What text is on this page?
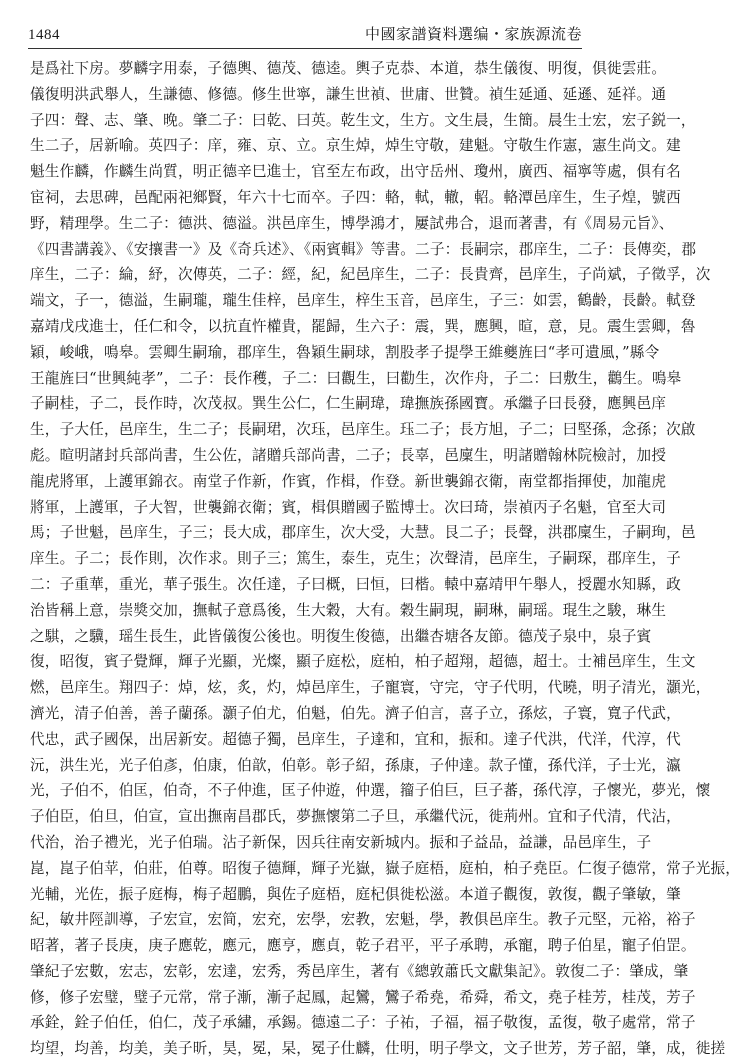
1484	中國家譜資料選编・家族源流卷
是爲社下房。夢麟字用泰，子德輿、德茂、德逵。輿子克恭、本道，恭生儀復、明復，俱徙雲莊。
儀復明洪武舉人，生謙德、修德。修生世寧，謙生世禎、世庸、世贊。禎生延通、延遜、延祥。通
子四：聲、志、肇、晚。肇二子：曰乾、曰英。乾生文，生方。文生晨，生簡。晨生士宏，宏子鋭一，
生二子，居新喻。英四子：庠，雍、京、立。京生焯，焯生守敬，建魁。守敬生作憲，憲生尚文。建
魁生作麟，作麟生尚質，明正德辛巳進士，官至左布政，出守岳州、瓊州，廣西、福寧等處，俱有名
宦祠，去思碑，邑配兩祀鄉賢，年六十七而卒。子四：輅，軾，轍，軺。輅潭邑庠生，生子煌，號西
野，精理學。生二子：德洪、德溢。洪邑庠生，博學鴻才，屢試弗合，退而著書，有《周易元旨》、
《四書講義》、《安攘書一》及《奇兵述》、《兩賓輯》等書。二子：長嗣宗，郡庠生，二子：長傳奕，郡
庠生，二子：綸，紓，次傳英，二子：經，紀，紀邑庠生，二子：長貴齊，邑庠生，子尚斌，子徵孚，次
端文，子一，德溢，生嗣瓏，瓏生佳梓，邑庠生，梓生玉音，邑庠生，子三：如雲，鶴齡，長齡。軾登
嘉靖戊戌進士，任仁和令，以抗直忤權貴，罷歸，生六子：震，巽，應興，暄，意，見。震生雲卿，魯
穎，峻峨，鳴皋。雲卿生嗣瑜，郡庠生，魯穎生嗣球，割股孝子提學王維夔旌曰“孝可遺風，”縣令
王龍旌曰“世興純孝”，二子：長作穫，子二：曰觀生，曰勸生，次作舟，子二：曰敷生，鸛生。鳴皋
子嗣桂，子二，長作時，次茂叔。巽生公仁，仁生嗣瑋，瑋撫族孫國寶。承繼子曰長發，應興邑庠
生，子大任，邑庠生，生二子；長嗣珺，次珏，邑庠生。珏二子；長方旭，子二；曰堅孫，念孫；次啟
彪。暄明諸封兵部尚書，生公佐，諸贈兵部尚書，二子；長辜，邑廩生，明諸贈翰林院檢討，加授
龍虎將軍，上護軍錦衣。南堂子作新，作賓，作楫，作登。新世襲錦衣衛，南堂都指揮使，加龍虎
將軍，上護軍，子大智，世襲錦衣衛；賓，楫俱贈國子監博士。次曰琦，崇禎丙子名魁，官至大司
馬；子世魁，邑庠生，子三；長大成，郡庠生，次大受，大慧。艮二子；長聲，洪郡廩生，子嗣珣，邑
庠生。子二；長作則，次作求。則子三；篤生，泰生，克生；次聲清，邑庠生，子嗣琛，郡庠生，子
二：子重華，重光，華子張生。次任達，子曰概，曰恒，曰楷。轅中嘉靖甲午舉人，授麗水知縣，政
治皆稱上意，崇獎交加，撫軾子意爲後，生大穀，大有。穀生嗣現，嗣琳，嗣瑶。琨生之駿，琳生
之騏，之驥，瑶生長生，此皆儀復公後也。明復生俊德，出繼杏塘各友節。德茂子泉中，泉子賓
復，昭復，賓子覺輝，輝子光顯，光燦，顯子庭松，庭柏，柏子超翔，超德，超士。士補邑庠生，生文
燃，邑庠生。翔四子：焯，炫，炙，灼，焯邑庠生，子寵寰，守完，守子代明，代曉，明子清光，灝光，
濟光，清子伯善，善子蘭孫。灝子伯尤，伯魁，伯先。濟子伯言，喜子立，孫炫，子寰，寬子代武，
代忠，武子國保，出居新安。超德子獨，邑庠生，子達和，宜和，振和。達子代洪，代洋，代淳，代
沅，洪生光，光子伯彥，伯康，伯歆，伯彰。彰子紹，孫康，子仲達。款子懂，孫代洋，子士光，瀛
光，子伯不，伯匡，伯奇，不子仲進，匡子仲遊，仲選，籀子伯巨，巨子蕃，孫代淳，子懷光，夢光，懷
子伯臣，伯旦，伯宣，宣出撫南昌郡氏，夢撫懷第二子旦，承繼代沅，徙荊州。宜和子代清，代沾，
代治，治子禮光，光子伯瑞。沾子新保，因兵往南安新城内。振和子益品，益謙，品邑庠生，子
崑，崑子伯苹，伯莊，伯尊。昭復子德輝，輝子光嶽，嶽子庭梧，庭柏，柏子堯臣。仁復子德常，常子光振，
光輔，光佐，振子庭梅，梅子超鵬，與佐子庭梧，庭杞俱徙松滋。本道子觀復，敦復，觀子肇敏，肇
紀，敏井陘訓導，子宏宣，宏简，宏充，宏學，宏教，宏魁，學，教俱邑庠生。教子元堅，元裕，裕子
昭著，著子長庚，庚子應乾，應元，應亨，應貞，乾子君平，平子承聘，承寵，聘子伯星，寵子伯罡。
肇紀子宏數，宏志，宏彰，宏達，宏秀，秀邑庠生，著有《總敦蕭氏文獻集記》。敦復二子：肇成，肇
修，修子宏璧，璧子元常，常子漸，漸子起鳳，起鸞，鸞子希堯，希舜，希文，堯子桂芳，桂茂，芳子
承銓，銓子伯任，伯仁，茂子承繡，承錫。德遠二子：子祐，子福，福子敬復，孟復，敬子處常，常子
均望，均善，均美，美子昕，昊，冕，杲，冕子仕麟，仕明，明子學文，文子世芳，芳子韶，肇，成，徙搓
